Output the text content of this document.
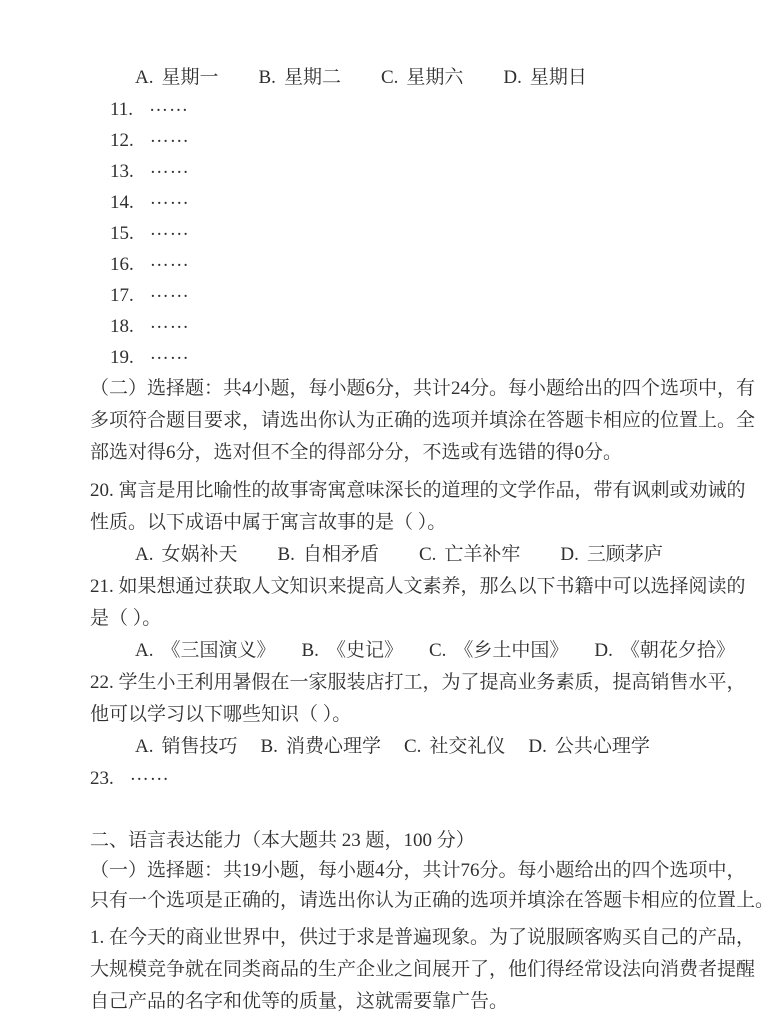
A. 星期一 B. 星期二 C. 星期六 D. 星期日
11. ……
12. ……
13. ……
14. ……
15. ……
16. ……
17. ……
18. ……
19. ……
（二）选择题：共4小题，每小题6分，共计24分。每小题给出的四个选项中，有
多项符合题目要求，请选出你认为正确的选项并填涂在答题卡相应的位置上。全
部选对得6分，选对但不全的得部分分，不选或有选错的得0分。
20. 寓言是用比喻性的故事寄寓意味深长的道理的文学作品，带有讽刺或劝诫的
性质。以下成语中属于寓言故事的是（ ）。
A. 女娲补天 B. 自相矛盾 C. 亡羊补牢 D. 三顾茅庐
21. 如果想通过获取人文知识来提高人文素养，那么以下书籍中可以选择阅读的
是（ ）。
A. 《三国演义》 B. 《史记》 C. 《乡土中国》 D. 《朝花夕拾》
22. 学生小王利用暑假在一家服装店打工，为了提高业务素质，提高销售水平，
他可以学习以下哪些知识（ ）。
A. 销售技巧 B. 消费心理学 C. 社交礼仪 D. 公共心理学
23. ……
二、语言表达能力（本大题共 23 题，100 分）
（一）选择题：共19小题，每小题4分，共计76分。每小题给出的四个选项中，
只有一个选项是正确的，请选出你认为正确的选项并填涂在答题卡相应的位置上。
1. 在今天的商业世界中，供过于求是普遍现象。为了说服顾客购买自己的产品，
大规模竞争就在同类商品的生产企业之间展开了，他们得经常设法向消费者提醒
自己产品的名字和优等的质量，这就需要靠广告。
